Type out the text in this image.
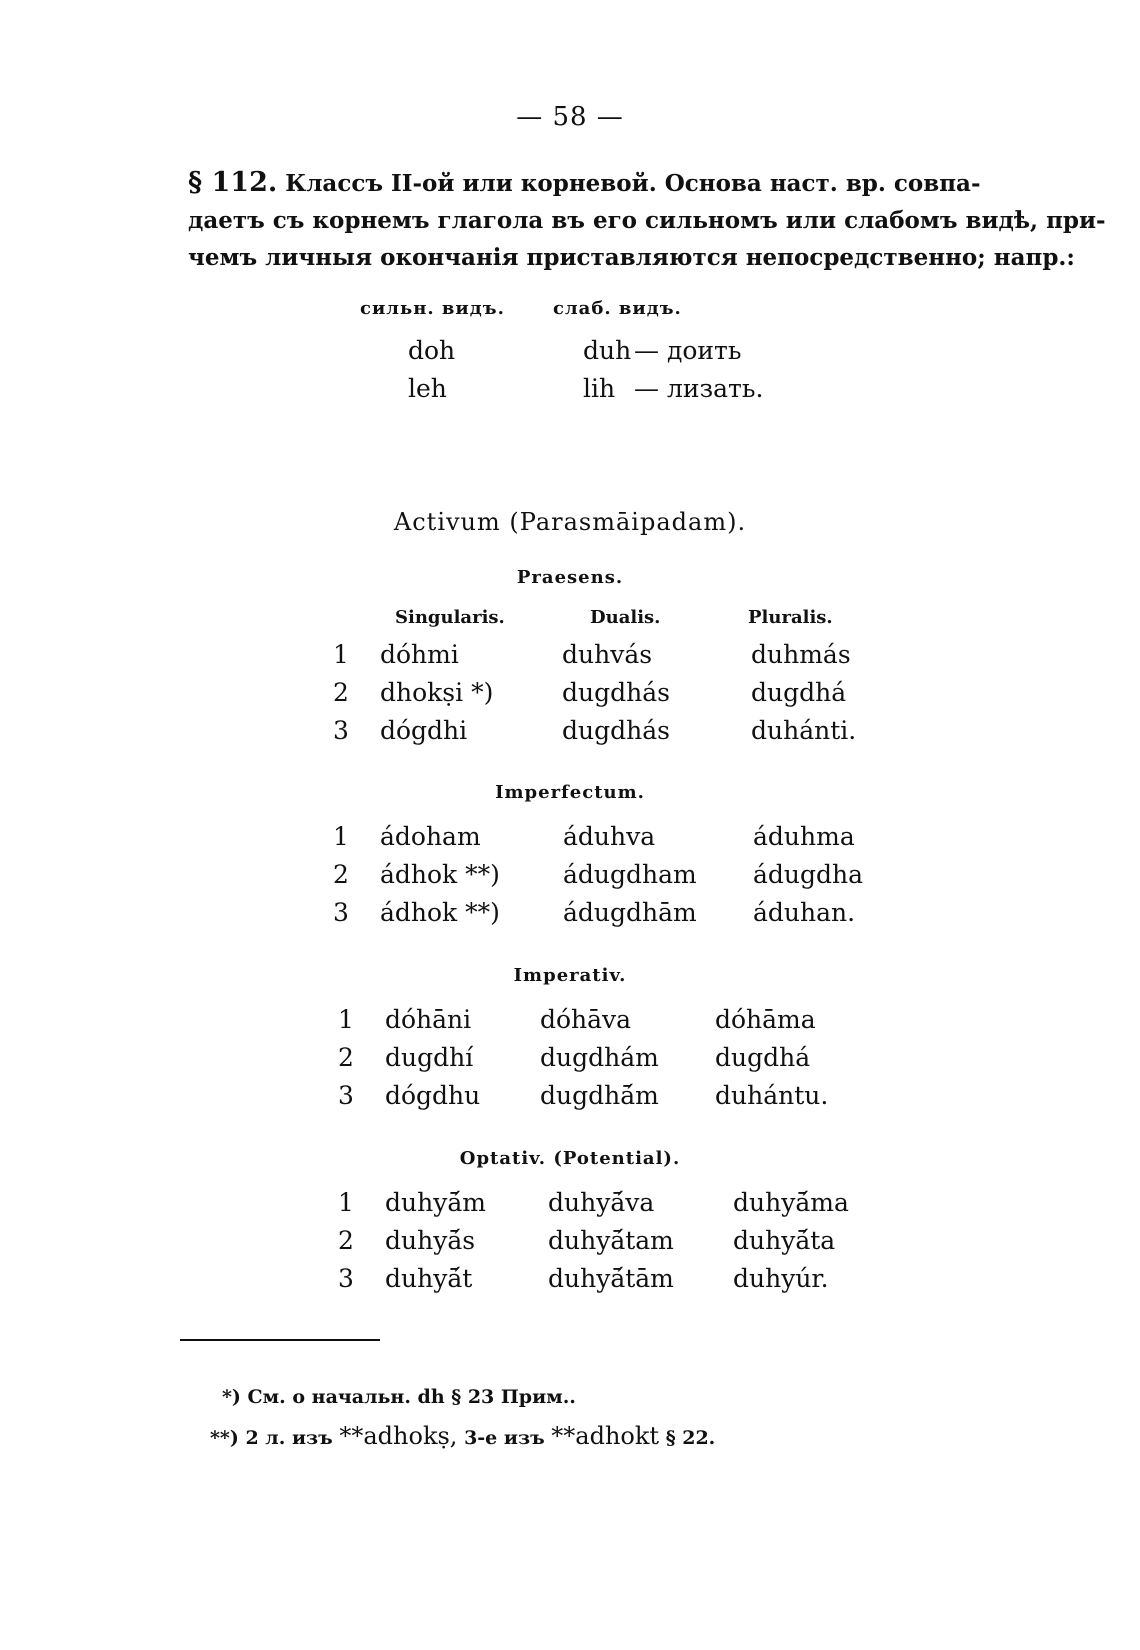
— 58 —
§ 112. Классъ II-ой или корневой. Основа наст. вр. совпа-
даетъ съ корнемъ глагола въ его сильномъ или слабомъ видѣ, при-
чемъ личныя окончанія приставляются непосредственно; напр.:
сильн. видъ.	слаб. видъ.
doh	duh — доить
leh	lih — лизать.
Activum (Parasmāipadam).
Praesens.
Singularis.	Dualis.	Pluralis.
1 dóhmi	duhvás	duhmás
2 dhokṣi *)	dugdhás	dugdhá
3 dógdhi	dugdhás	duhánti.
Imperfectum.
1 ádoham	áduhva	áduhma
2 ádhok **)	ádugdham ádugdha
3 ádhok **)	ádugdhām áduhan.
Imperativ.
1 dóhāni	dóhāva	dóhāma
2 dugdhí	dugdhám dugdhá
3 dógdhu dugdhā́m duhántu.
Optativ. (Potential).
1 duhyā́m duhyā́va	duhyā́ma
2 duhyā́s	duhyā́tam duhyā́ta
3 duhyā́t	duhyā́tām duhyúr.
*) См. о начальн. dh § 23 Прим..
**) 2 л. изъ **adhokṣ, 3-е изъ **adhokt § 22.
